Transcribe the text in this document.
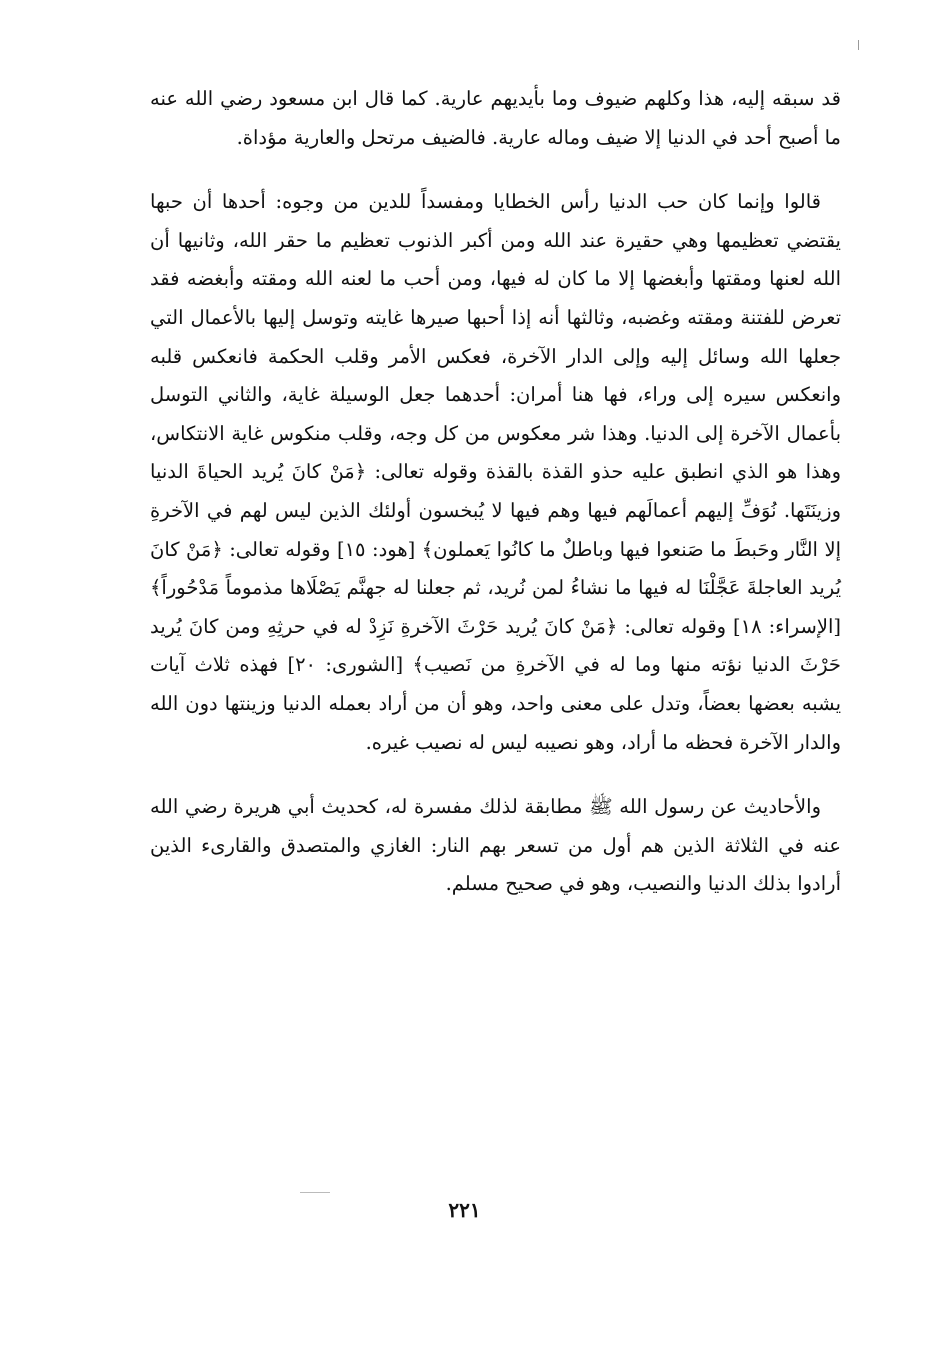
قد سبقه إليه، هذا وكلهم ضيوف وما بأيديهم عارية. كما قال ابن مسعود رضي الله عنه ما أصبح أحد في الدنيا إلا ضيف وماله عارية. فالضيف مرتحل والعارية مؤداة.

قالوا وإنما كان حب الدنيا رأس الخطايا ومفسداً للدين من وجوه: أحدها أن حبها يقتضي تعظيمها وهي حقيرة عند الله ومن أكبر الذنوب تعظيم ما حقر الله، وثانيها أن الله لعنها ومقتها وأبغضها إلا ما كان له فيها، ومن أحب ما لعنه الله ومقته وأبغضه فقد تعرض للفتنة ومقته وغضبه، وثالثها أنه إذا أحبها صيرها غايته وتوسل إليها بالأعمال التي جعلها الله وسائل إليه وإلى الدار الآخرة، فعكس الأمر وقلب الحكمة فانعكس قلبه وانعكس سيره إلى وراء، فها هنا أمران: أحدهما جعل الوسيلة غاية، والثاني التوسل بأعمال الآخرة إلى الدنيا. وهذا شر معكوس من كل وجه، وقلب منكوس غاية الانتكاس، وهذا هو الذي انطبق عليه حذو القذة بالقذة وقوله تعالى: ﴿مَنْ كانَ يُريد الحياةَ الدنيا وزينَتَها. نُوَفِّ إليهم أعمالَهم فيها وهم فيها لا يُبخسون أولئك الذين ليس لهم في الآخرةِ إلا النَّار وحَبطَ ما صَنعوا فيها وباطلٌ ما كانُوا يَعملون﴾ [هود: ١٥] وقوله تعالى: ﴿مَنْ كانَ يُريد العاجلةَ عَجَّلْنَا له فيها ما نشاءُ لمن نُريد، ثم جعلنا له جهنَّم يَصْلَاها مذموماً مَدْحُوراً﴾ [الإسراء: ١٨] وقوله تعالى: ﴿مَنْ كانَ يُريد حَرْثَ الآخرةِ نَزِدْ له في حرثِهِ ومن كانَ يُريد حَرْثَ الدنيا نؤته منها وما له في الآخرةِ من نَصيب﴾ [الشورى: ٢٠] فهذه ثلاث آيات يشبه بعضها بعضاً، وتدل على معنى واحد، وهو أن من أراد بعمله الدنيا وزينتها دون الله والدار الآخرة فحظه ما أراد، وهو نصيبه ليس له نصيب غيره.

والأحاديث عن رسول الله ﷺ مطابقة لذلك مفسرة له، كحديث أبي هريرة رضي الله عنه في الثلاثة الذين هم أول من تسعر بهم النار: الغازي والمتصدق والقارىء الذين أرادوا بذلك الدنيا والنصيب، وهو في صحيح مسلم.

٢٢١
